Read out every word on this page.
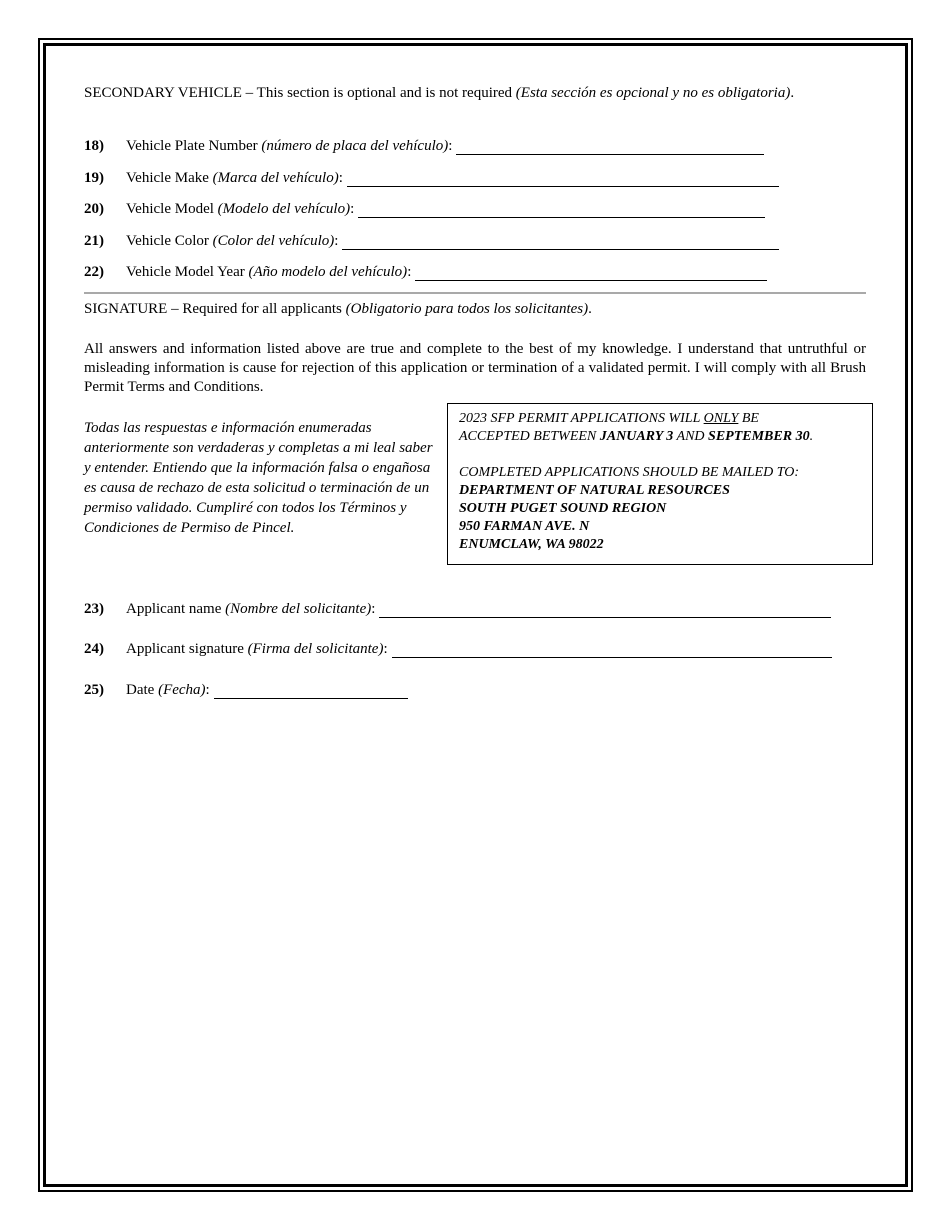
SECONDARY VEHICLE – This section is optional and is not required (Esta sección es opcional y no es obligatoria).
18)	Vehicle Plate Number
(número de placa del vehículo) :
19)	Vehicle Make
(Marca del vehículo) :
20)	Vehicle Model
(Modelo del vehículo) :
21)	Vehicle Color
(Color del vehículo) :
22)	Vehicle Model Year
(Año modelo del vehículo) :
SIGNATURE – Required for all applicants (Obligatorio para todos los solicitantes).
All answers and information listed above are true and complete to the best of my knowledge. I understand that untruthful or misleading information is cause for rejection of this application or termination of a validated permit. I will comply with all Brush Permit Terms and Conditions.
Todas las respuestas e información enumeradas anteriormente son verdaderas y completas a mi leal saber y entender. Entiendo que la información falsa o engañosa es causa de rechazo de esta solicitud o terminación de un permiso validado. Cumpliré con todos los Términos y Condiciones de Permiso de Pincel.

2023 SFP PERMIT APPLICATIONS WILL ONLY BE

ACCEPTED BETWEEN JANUARY 3 AND SEPTEMBER 30.

COMPLETED APPLICATIONS SHOULD BE MAILED TO:

DEPARTMENT OF NATURAL RESOURCES

SOUTH PUGET SOUND REGION

950 FARMAN AVE. N

ENUMCLAW, WA 98022

23)	Applicant name
(Nombre del solicitante) :
24)	Applicant signature
(Firma del solicitante) :
25)	Date
(Fecha) :
